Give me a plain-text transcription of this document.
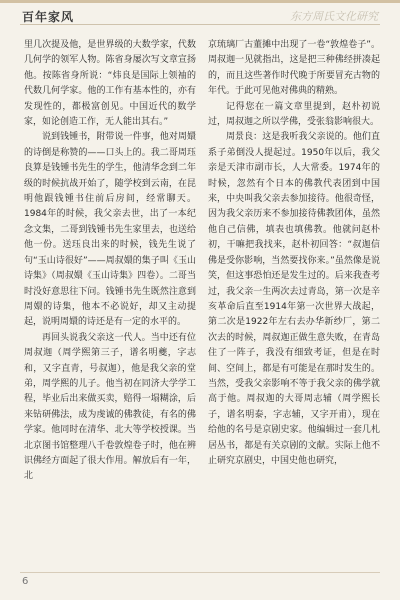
百年家风	东方周氏文化研究

里几次提及他，是世界级的大数学家，代数几何学的领军人物。陈省身屡次写文章宣扬他。按陈省身所说：“炜良是国际上领袖的代数几何学家。他的工作有基本性的，亦有发现性的，都极富创见。中国近代的数学家，如论创造工作，无人能出其右。”

说到钱锺书，附带说一件事，他对周嬛的诗倒是称赞的——口头上的。我二哥周珏良算是钱锺书先生的学生，他清华念到二年级的时候抗战开始了，随学校到云南，在昆明他跟钱锺书住前后房间，经常聊天。1984年的时候，我父亲去世，出了一本纪念文集，二哥到钱锺书先生家里去，也送给他一份。送珏良出来的时候，钱先生说了句“玉山诗很好”——周叔嬛的集子叫《玉山诗集》（周叔嬛《玉山诗集》四卷）。二哥当时没好意思往下问。钱锺书先生既然注意到周嬛的诗集，他本不必说好，却又主动提起，说明周嬛的诗还是有一定的水平的。

再回头说我父亲这一代人。当中还有位周叔迦（周学熙第三子，谱名明夔，字志和，又字直青，号叔迦），他是我父亲的堂弟，周学熙的儿子。他当初在同济大学学工程，毕业后出来做买卖，赔得一塌糊涂，后来钻研佛法，成为虔诚的佛教徒，有名的佛学家。他同时在清华、北大等学校授课。当北京图书馆整理八千卷敦煌卷子时，他在辨识佛经方面起了很大作用。解放后有一年，北

京琉璃厂古董摊中出现了一卷“敦煌卷子”。周叔迦一见就指出，这是把三种佛经拼凑起的，而且这些著作时代晚于所要冒充古物的年代。于此可见他对佛典的精熟。

记得您在一篇文章里提到，赵朴初说过，周叔迦之所以学佛，受张翁影响很大。

周景良：这是我听我父亲说的。他们直系子弟倒没人提起过。1950年以后，我父亲是天津市副市长，人大常委。1974年的时候，忽然有个日本的佛教代表团到中国来，中央叫我父亲去参加接待。他很奇怪，因为我父亲历来不参加接待佛教团体，虽然他自己信佛，填表也填佛教。他就问赵朴初，干嘛把我找来，赵朴初回答：“叔迦信佛是受你影响，当然要找你来。”虽然像是说笑，但这事恐怕还是发生过的。后来我查考过，我父亲一生两次去过青岛，第一次是辛亥革命后直至1914年第一次世界大战起，第二次是1922年左右去办华新纱厂，第二次去的时候，周叔迦正做生意失败，在青岛住了一阵子，我没有细致考证，但是在时间、空间上，都是有可能是在那时发生的。当然，受我父亲影响不等于我父亲的佛学就高于他。周叔迦的大哥周志辅（周学熙长子，谱名明泰，字志辅，又字开甫），现在给他的名号是京剧史家。他编辑过一套几札居丛书，都是有关京剧的文献。实际上他不止研究京剧史，中国史他也研究，

6
